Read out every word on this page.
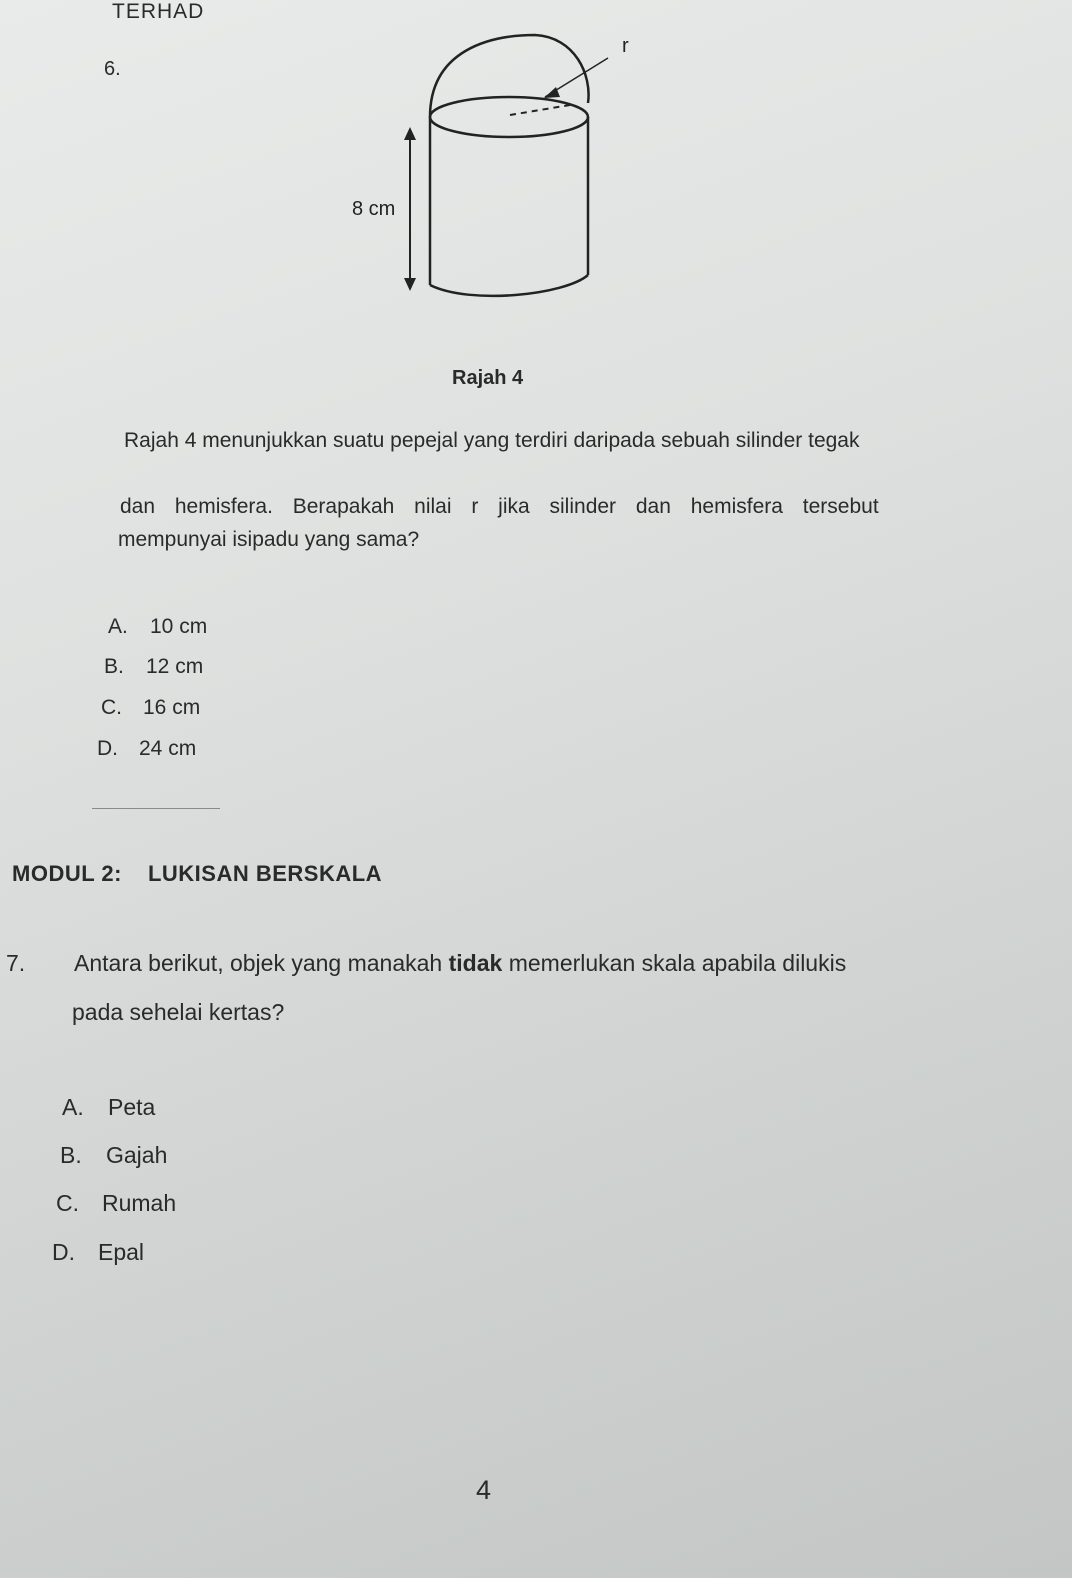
TERHAD
6.
r
8 cm
Rajah 4
Rajah 4 menunjukkan suatu pepejal yang terdiri daripada sebuah silinder tegak
dan hemisfera. Berapakah nilai r jika silinder dan hemisfera tersebut
mempunyai isipadu yang sama?
A. 10 cm
B. 12 cm
C. 16 cm
D. 24 cm
MODUL 2: LUKISAN BERSKALA
7. Antara berikut, objek yang manakah tidak memerlukan skala apabila dilukis
pada sehelai kertas?
A. Peta
B. Gajah
C. Rumah
D. Epal
4
